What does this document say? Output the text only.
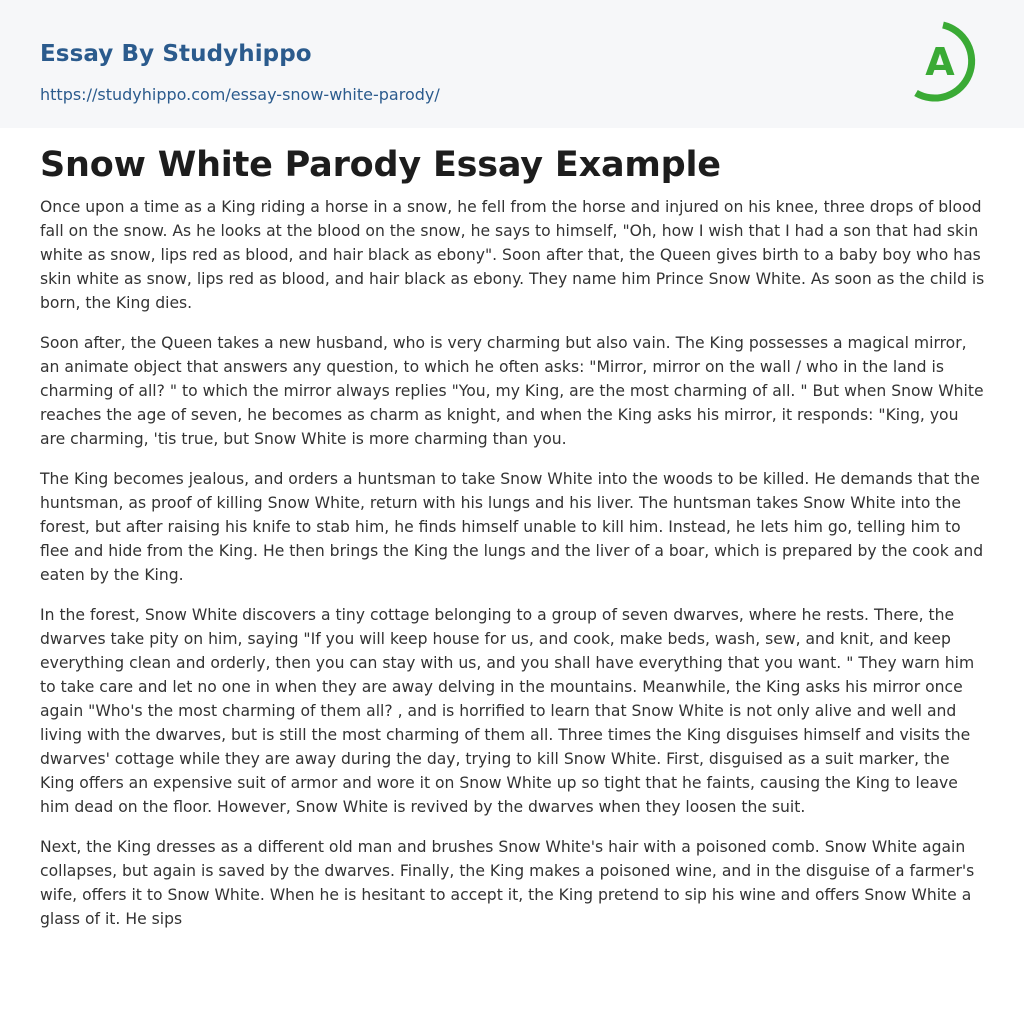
Essay By Studyhippo
https://studyhippo.com/essay-snow-white-parody/
A
Snow White Parody Essay Example

Once upon a time as a King riding a horse in a snow, he fell from the horse and injured on his knee, three drops of blood fall on the snow. As he looks at the blood on the snow, he says to himself, "Oh, how I wish that I had a son that had skin white as snow, lips red as blood, and hair black as ebony". Soon after that, the Queen gives birth to a baby boy who has skin white as snow, lips red as blood, and hair black as ebony. They name him Prince Snow White. As soon as the child is born, the King dies.

Soon after, the Queen takes a new husband, who is very charming but also vain. The King possesses a magical mirror, an animate object that answers any question, to which he often asks: "Mirror, mirror on the wall / who in the land is charming of all? " to which the mirror always replies "You, my King, are the most charming of all. " But when Snow White reaches the age of seven, he becomes as charm as knight, and when the King asks his mirror, it responds: "King, you are charming, 'tis true, but Snow White is more charming than you.

The King becomes jealous, and orders a huntsman to take Snow White into the woods to be killed. He demands that the huntsman, as proof of killing Snow White, return with his lungs and his liver. The huntsman takes Snow White into the forest, but after raising his knife to stab him, he finds himself unable to kill him. Instead, he lets him go, telling him to flee and hide from the King. He then brings the King the lungs and the liver of a boar, which is prepared by the cook and eaten by the King.

In the forest, Snow White discovers a tiny cottage belonging to a group of seven dwarves, where he rests. There, the dwarves take pity on him, saying "If you will keep house for us, and cook, make beds, wash, sew, and knit, and keep everything clean and orderly, then you can stay with us, and you shall have everything that you want. " They warn him to take care and let no one in when they are away delving in the mountains. Meanwhile, the King asks his mirror once again "Who's the most charming of them all? , and is horrified to learn that Snow White is not only alive and well and living with the dwarves, but is still the most charming of them all. Three times the King disguises himself and visits the dwarves' cottage while they are away during the day, trying to kill Snow White. First, disguised as a suit marker, the King offers an expensive suit of armor and wore it on Snow White up so tight that he faints, causing the King to leave him dead on the floor. However, Snow White is revived by the dwarves when they loosen the suit.

Next, the King dresses as a different old man and brushes Snow White's hair with a poisoned comb. Snow White again collapses, but again is saved by the dwarves. Finally, the King makes a poisoned wine, and in the disguise of a farmer's wife, offers it to Snow White. When he is hesitant to accept it, the King pretend to sip his wine and offers Snow White a glass of it. He sips
